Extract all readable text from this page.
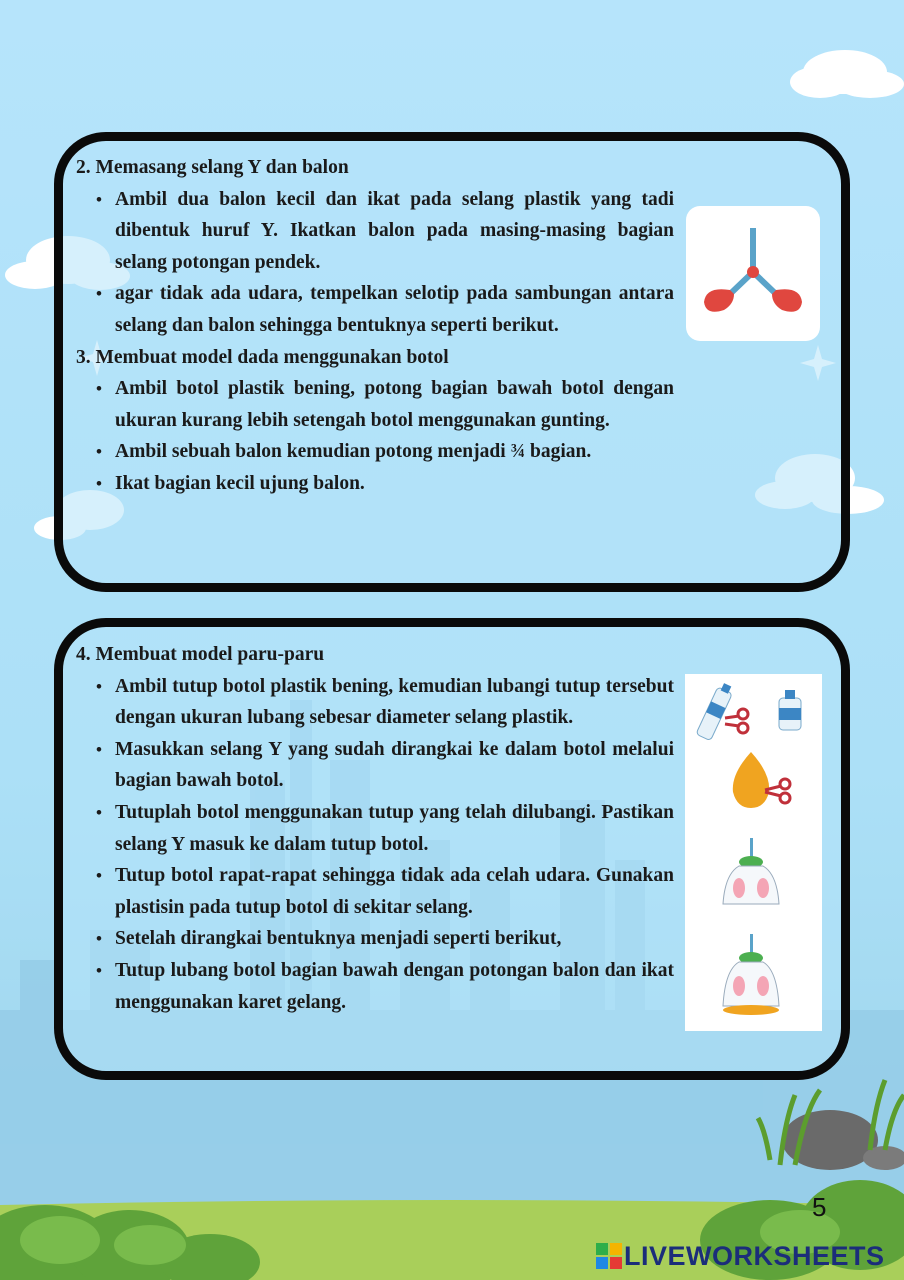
2. Memasang selang Y dan balon
• Ambil dua balon kecil dan ikat pada selang plastik yang tadi dibentuk huruf Y. Ikatkan balon pada masing-masing bagian selang potongan pendek.
• agar tidak ada udara, tempelkan selotip pada sambungan antara selang dan balon sehingga bentuknya seperti berikut.
3. Membuat model dada menggunakan botol
• Ambil botol plastik bening, potong bagian bawah botol dengan ukuran kurang lebih setengah botol menggunakan gunting.
• Ambil sebuah balon kemudian potong menjadi ¾ bagian.
• Ikat bagian kecil ujung balon.
4. Membuat model paru-paru
• Ambil tutup botol plastik bening, kemudian lubangi tutup tersebut dengan ukuran lubang sebesar diameter selang plastik.
• Masukkan selang Y yang sudah dirangkai ke dalam botol melalui bagian bawah botol.
• Tutuplah botol menggunakan tutup yang telah dilubangi. Pastikan selang Y masuk ke dalam tutup botol.
• Tutup botol rapat-rapat sehingga tidak ada celah udara. Gunakan plastisin pada tutup botol di sekitar selang.
• Setelah dirangkai bentuknya menjadi seperti berikut,
• Tutup lubang botol bagian bawah dengan potongan balon dan ikat menggunakan karet gelang.
5
LIVEWORKSHEETS
